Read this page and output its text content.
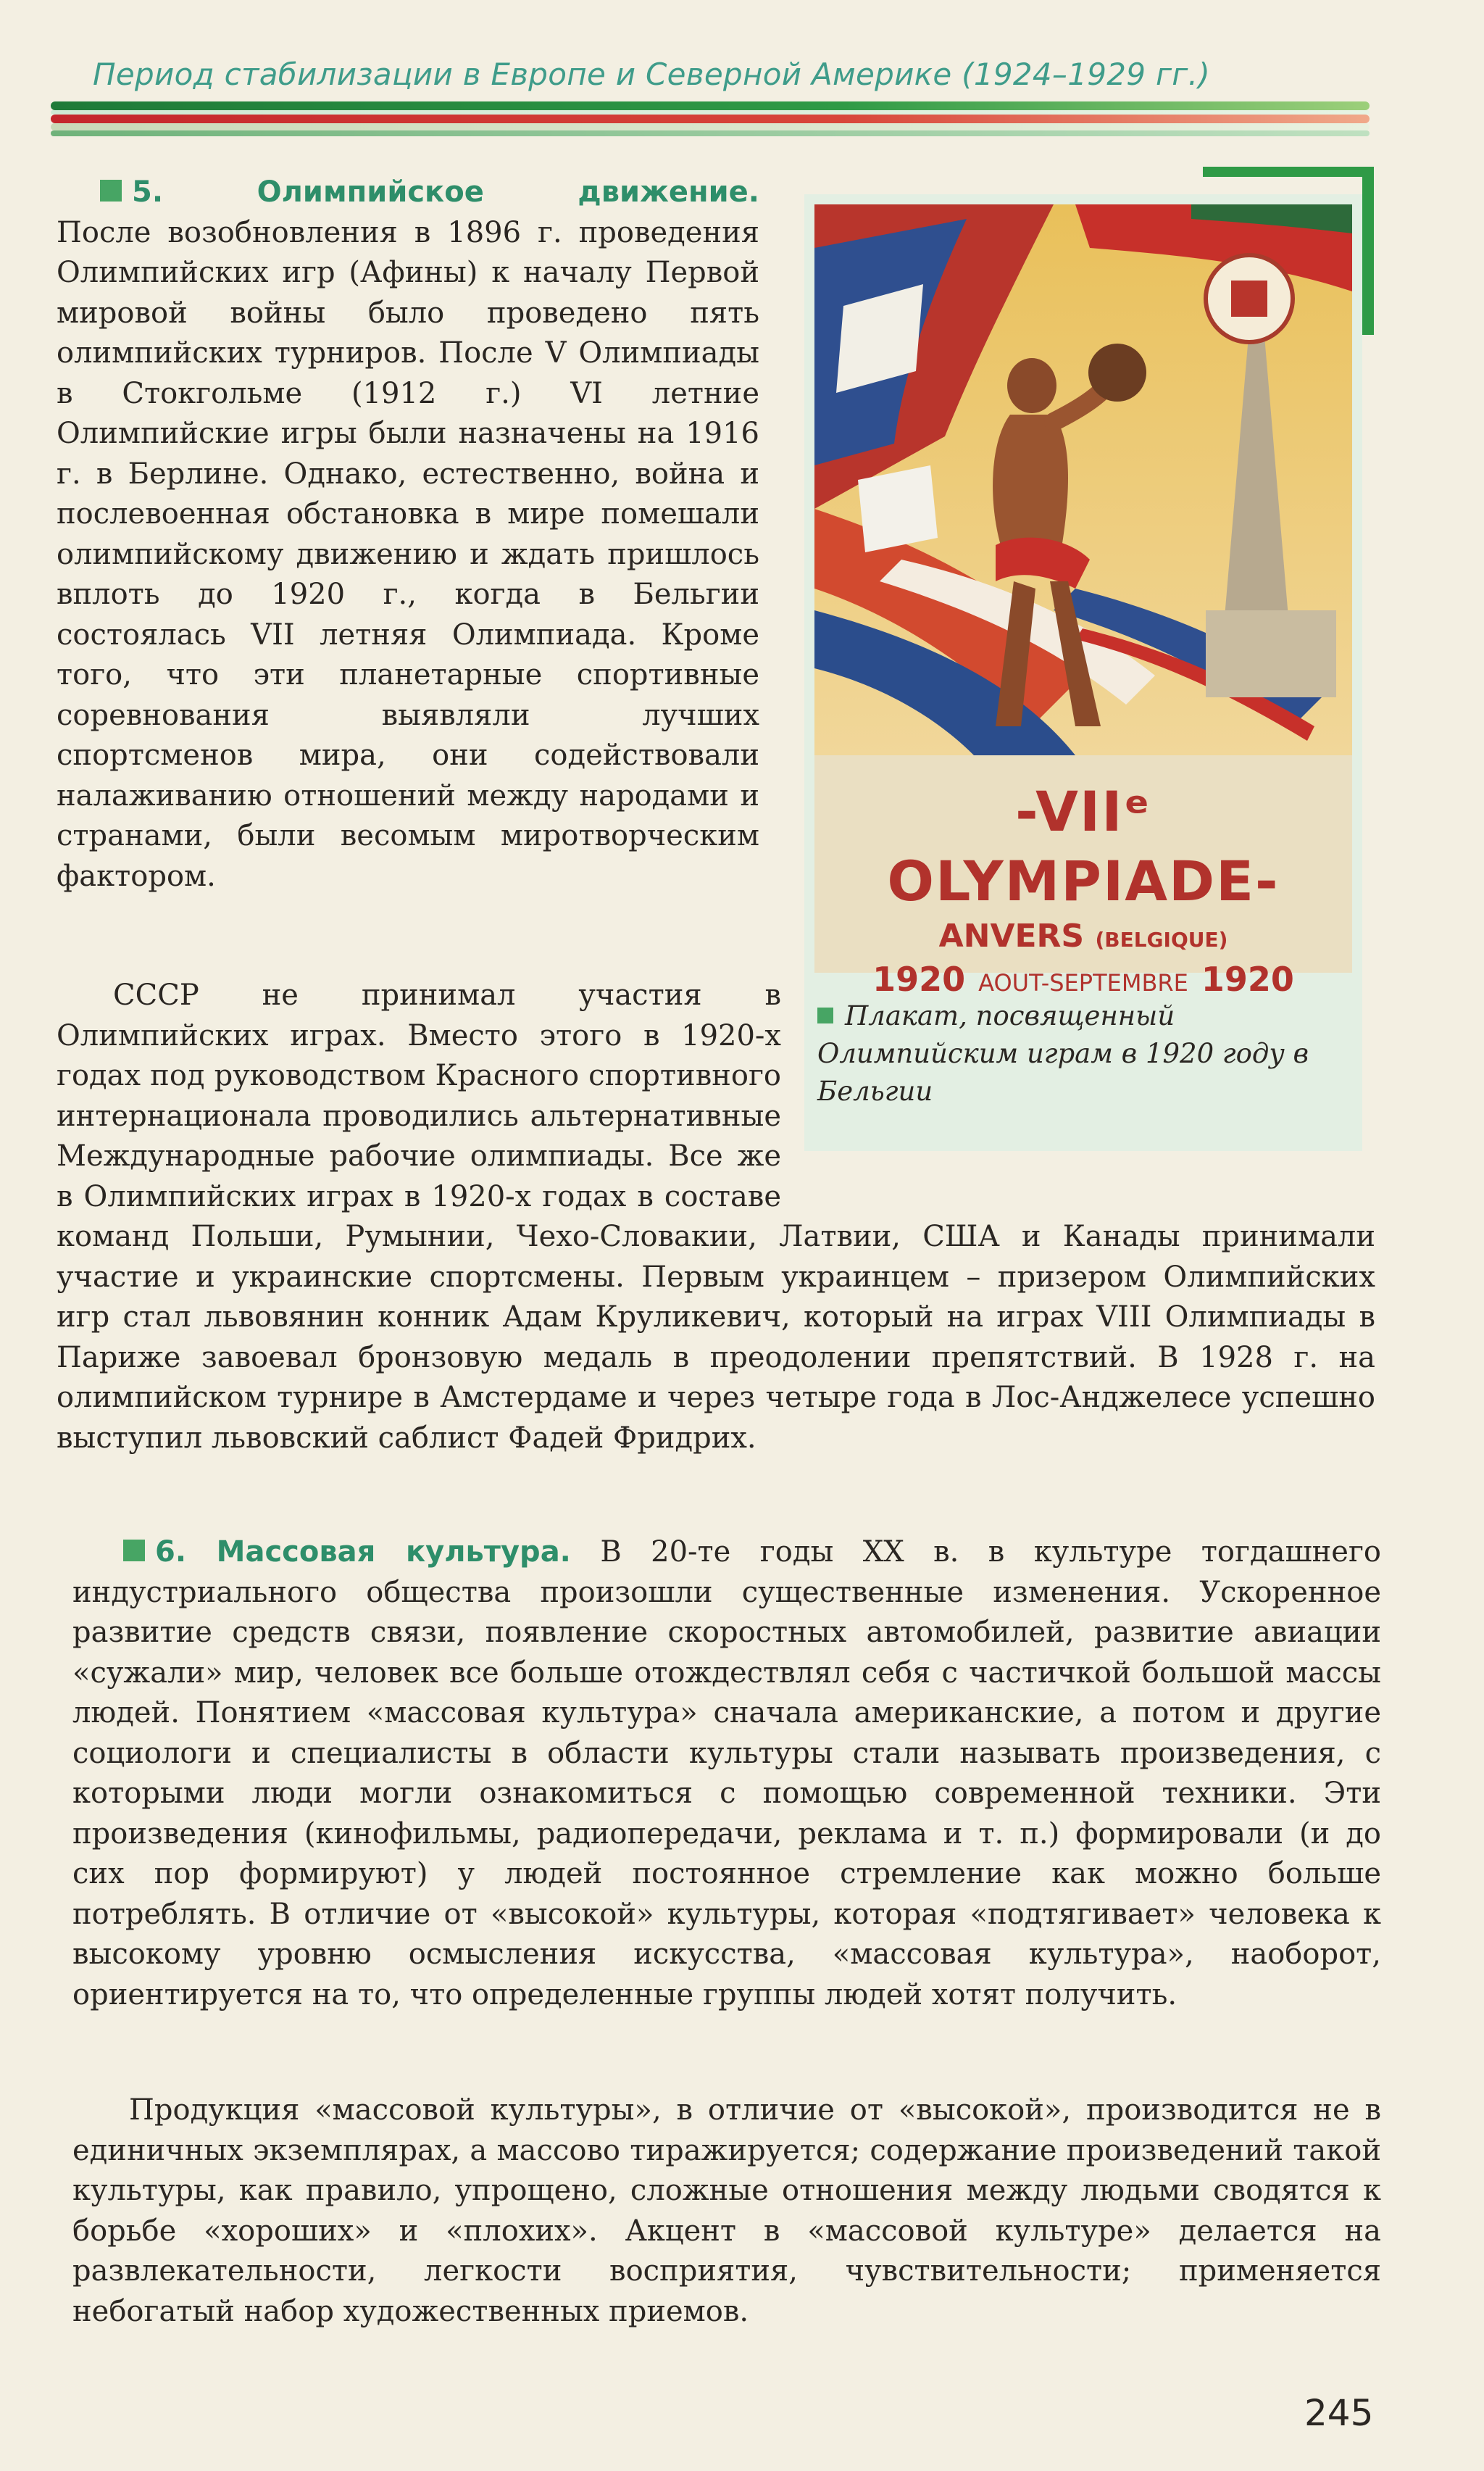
Период стабилизации в Европе и Северной Америке (1924–1929 гг.)
5. Олимпийское движение.
После возобновления в 1896 г. проведения Олимпийских игр (Афины) к началу Первой мировой войны было проведено пять олимпийских турниров. После V Олимпиады в Стокгольме (1912 г.) VI летние Олимпийские игры были назначены на 1916 г. в Берлине. Однако, естественно, война и послевоенная обстановка в мире помешали олимпийскому движению и ждать пришлось вплоть до 1920 г., когда в Бельгии состоялась VII летняя Олимпиада. Кроме того, что эти планетарные спортивные соревнования выявляли лучших спортсменов мира, они содействовали налаживанию отношений между народами и странами, были весомым миротворческим фактором.
-VIIᵉ OLYMPIADE-
ANVERS (BELGIQUE)
1920 AOUT-SEPTEMBRE 1920
Плакат, посвященный Олимпийским играм в 1920 году в Бельгии
СССР не принимал участия в Олимпийских играх. Вместо этого в 1920-х годах под руководством Красного спортивного интернационала проводились альтернативные Международные рабочие олимпиады. Все же в Олимпийских играх в 1920-х годах в составе команд Польши, Румынии, Чехо-Словакии, Латвии, США и Канады принимали участие и украинские спортсмены. Первым украинцем – призером Олимпийских игр стал львовянин конник Адам Круликевич, который на играх VIII Олимпиады в Париже завоевал бронзовую медаль в преодолении препятствий. В 1928 г. на олимпийском турнире в Амстердаме и через четыре года в Лос-Анджелесе успешно выступил львовский саблист Фадей Фридрих.
6. Массовая культура. В 20-те годы XX в. в культуре тогдашнего индустриального общества произошли существенные изменения. Ускоренное развитие средств связи, появление скоростных автомобилей, развитие авиации «сужали» мир, человек все больше отождествлял себя с частичкой большой массы людей. Понятием «массовая культура» сначала американские, а потом и другие социологи и специалисты в области культуры стали называть произведения, с которыми люди могли ознакомиться с помощью современной техники. Эти произведения (кинофильмы, радиопередачи, реклама и т. п.) формировали (и до сих пор формируют) у людей постоянное стремление как можно больше потреблять. В отличие от «высокой» культуры, которая «подтягивает» человека к высокому уровню осмысления искусства, «массовая культура», наоборот, ориентируется на то, что определенные группы людей хотят получить.
Продукция «массовой культуры», в отличие от «высокой», производится не в единичных экземплярах, а массово тиражируется; содержание произведений такой культуры, как правило, упрощено, сложные отношения между людьми сводятся к борьбе «хороших» и «плохих». Акцент в «массовой культуре» делается на развлекательности, легкости восприятия, чувствительности; применяется небогатый набор художественных приемов.
245
